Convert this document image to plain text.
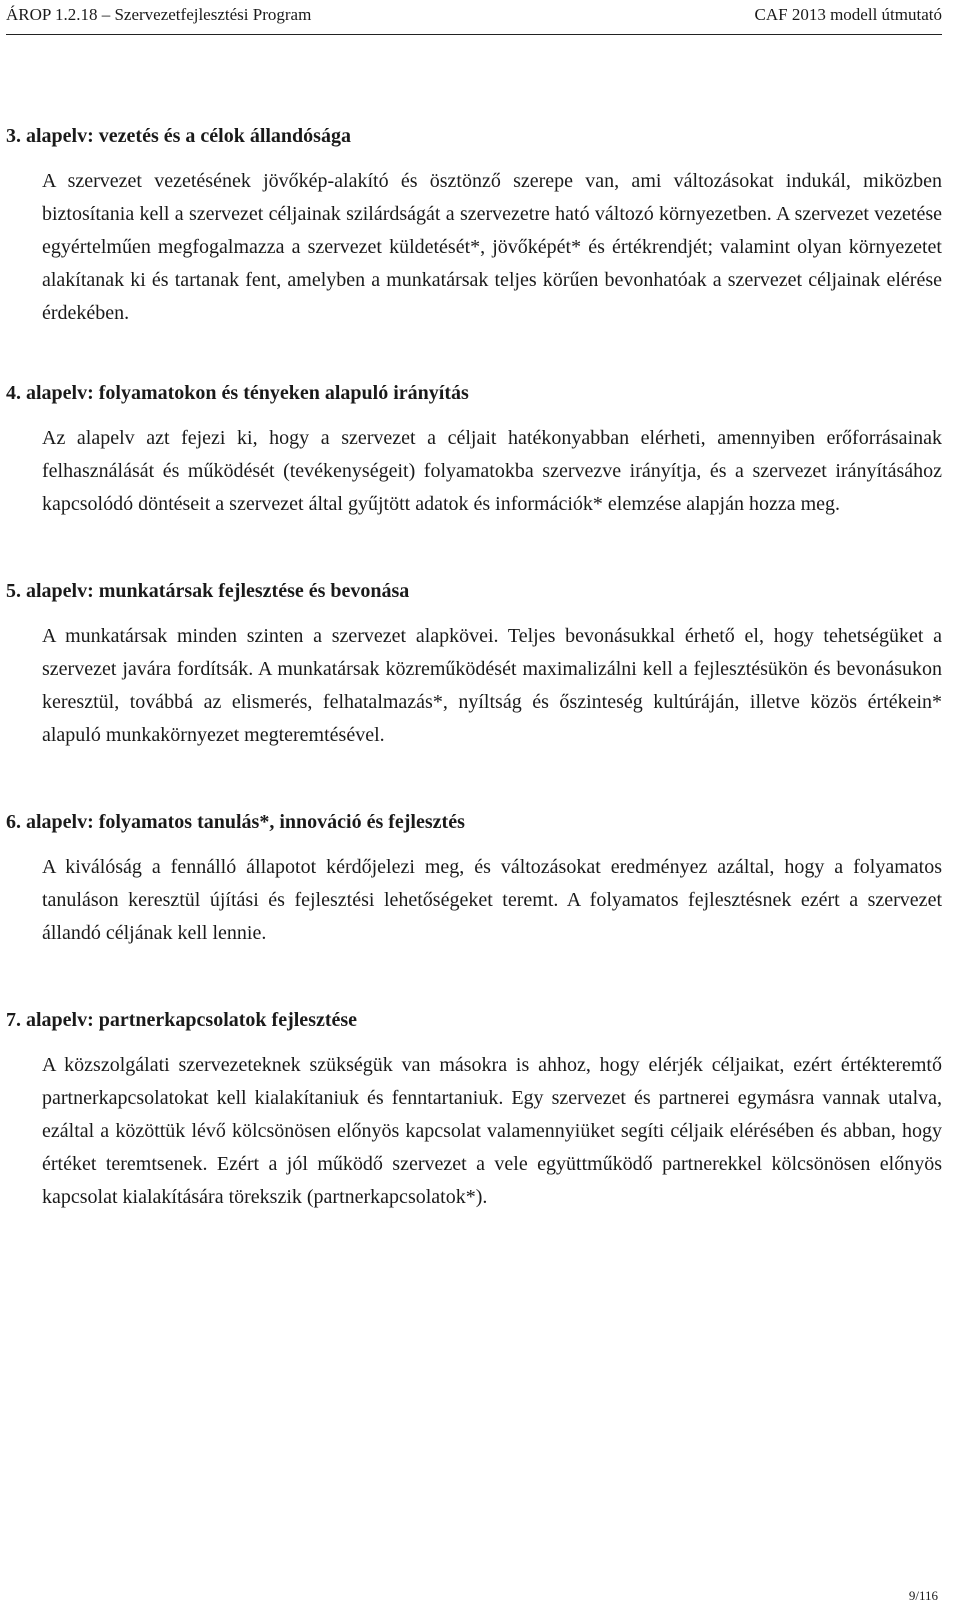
ÁROP 1.2.18 – Szervezetfejlesztési Program	CAF 2013 modell útmutató
3. alapelv: vezetés és a célok állandósága

A szervezet vezetésének jövőkép-alakító és ösztönző szerepe van, ami változásokat indukál, miközben biztosítania kell a szervezet céljainak szilárdságát a szervezetre ható változó környezetben. A szervezet vezetése egyértelműen megfogalmazza a szervezet küldetését*, jövőképét* és értékrendjét; valamint olyan környezetet alakítanak ki és tartanak fent, amelyben a munkatársak teljes körűen bevonhatóak a szervezet céljainak elérése érdekében.

4. alapelv: folyamatokon és tényeken alapuló irányítás

Az alapelv azt fejezi ki, hogy a szervezet a céljait hatékonyabban elérheti, amennyiben erőforrásainak felhasználását és működését (tevékenységeit) folyamatokba szervezve irányítja, és a szervezet irányításához kapcsolódó döntéseit a szervezet által gyűjtött adatok és információk* elemzése alapján hozza meg.

5. alapelv: munkatársak fejlesztése és bevonása

A munkatársak minden szinten a szervezet alapkövei. Teljes bevonásukkal érhető el, hogy tehetségüket a szervezet javára fordítsák. A munkatársak közreműködését maximalizálni kell a fejlesztésükön és bevonásukon keresztül, továbbá az elismerés, felhatalmazás*, nyíltság és őszinteség kultúráján, illetve közös értékein* alapuló munkakörnyezet megteremtésével.

6. alapelv: folyamatos tanulás*, innováció és fejlesztés

A kiválóság a fennálló állapotot kérdőjelezi meg, és változásokat eredményez azáltal, hogy a folyamatos tanuláson keresztül újítási és fejlesztési lehetőségeket teremt. A folyamatos fejlesztésnek ezért a szervezet állandó céljának kell lennie.

7. alapelv: partnerkapcsolatok fejlesztése

A közszolgálati szervezeteknek szükségük van másokra is ahhoz, hogy elérjék céljaikat, ezért értékteremtő partnerkapcsolatokat kell kialakítaniuk és fenntartaniuk. Egy szervezet és partnerei egymásra vannak utalva, ezáltal a közöttük lévő kölcsönösen előnyös kapcsolat valamennyiüket segíti céljaik elérésében és abban, hogy értéket teremtsenek. Ezért a jól működő szervezet a vele együttműködő partnerekkel kölcsönösen előnyös kapcsolat kialakítására törekszik (partnerkapcsolatok*).

9/116
